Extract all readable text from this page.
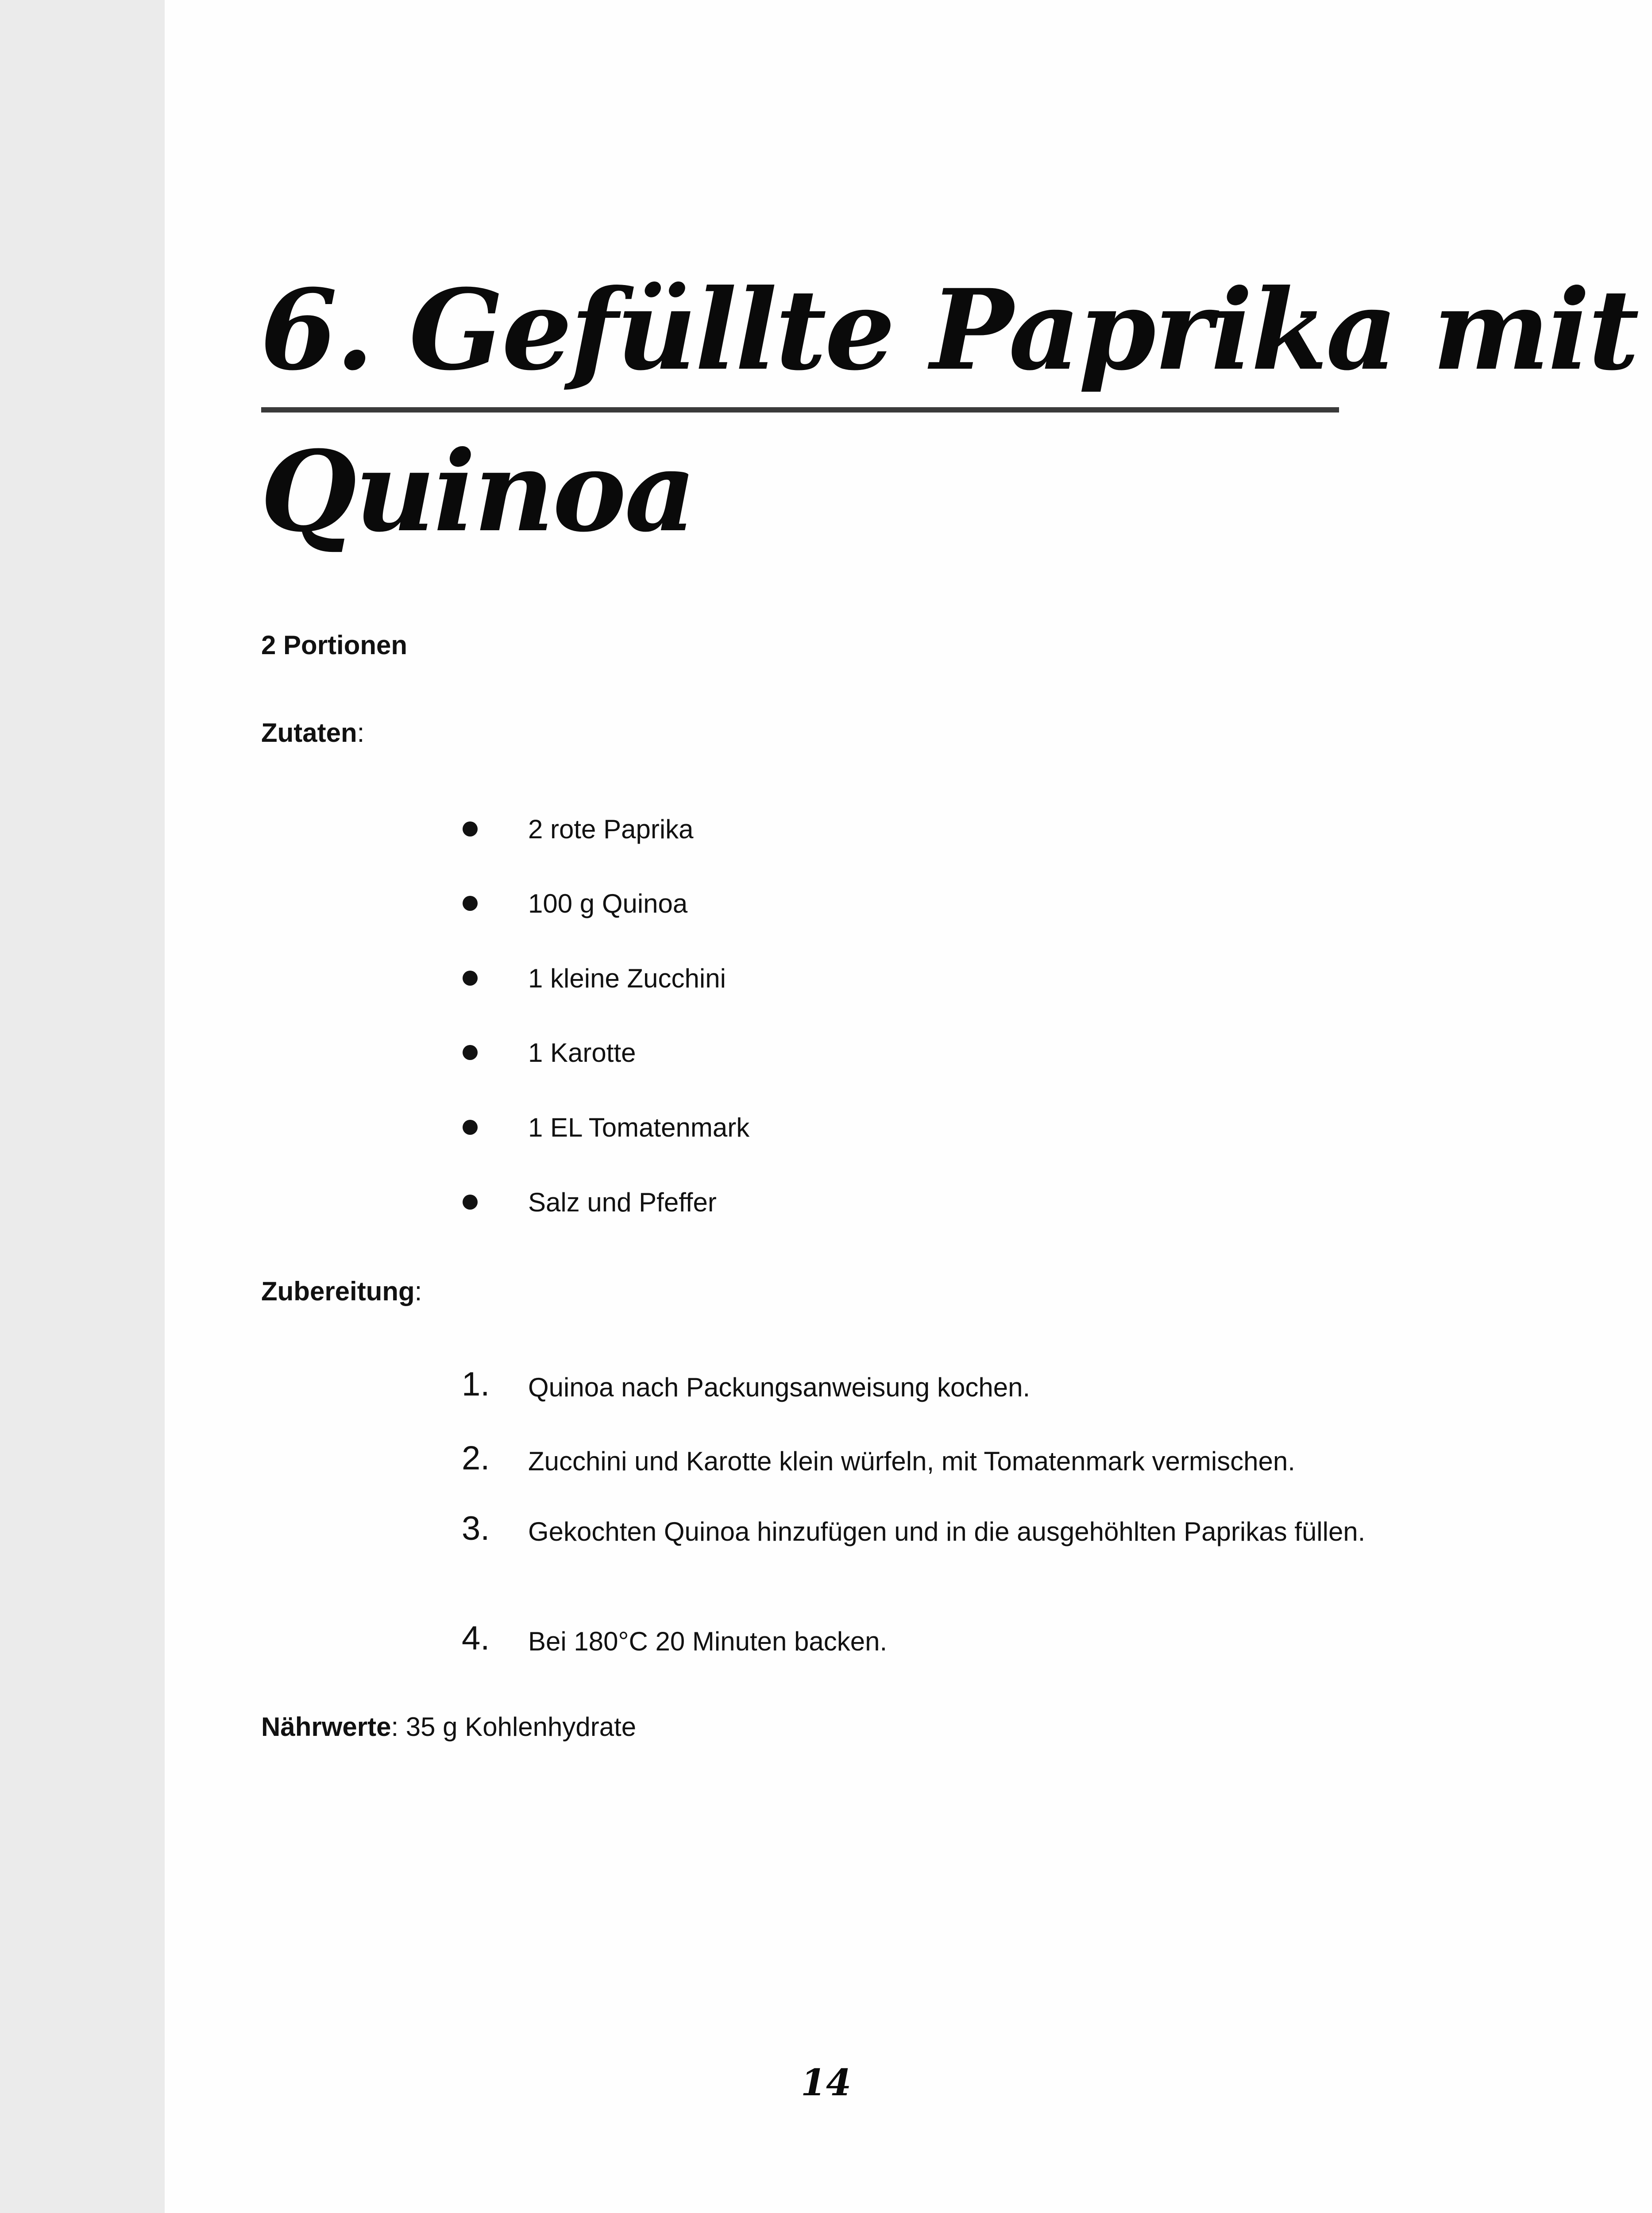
6. Gefüllte Paprika mit
Quinoa
2 Portionen
Zutaten:
2 rote Paprika
100 g Quinoa
1 kleine Zucchini
1 Karotte
1 EL Tomatenmark
Salz und Pfeffer
Zubereitung:
1. Quinoa nach Packungsanweisung kochen.
2. Zucchini und Karotte klein würfeln, mit Tomatenmark vermischen.
3. Gekochten Quinoa hinzufügen und in die ausgehöhlten Paprikas füllen.
4. Bei 180°C 20 Minuten backen.
Nährwerte: 35 g Kohlenhydrate
14
